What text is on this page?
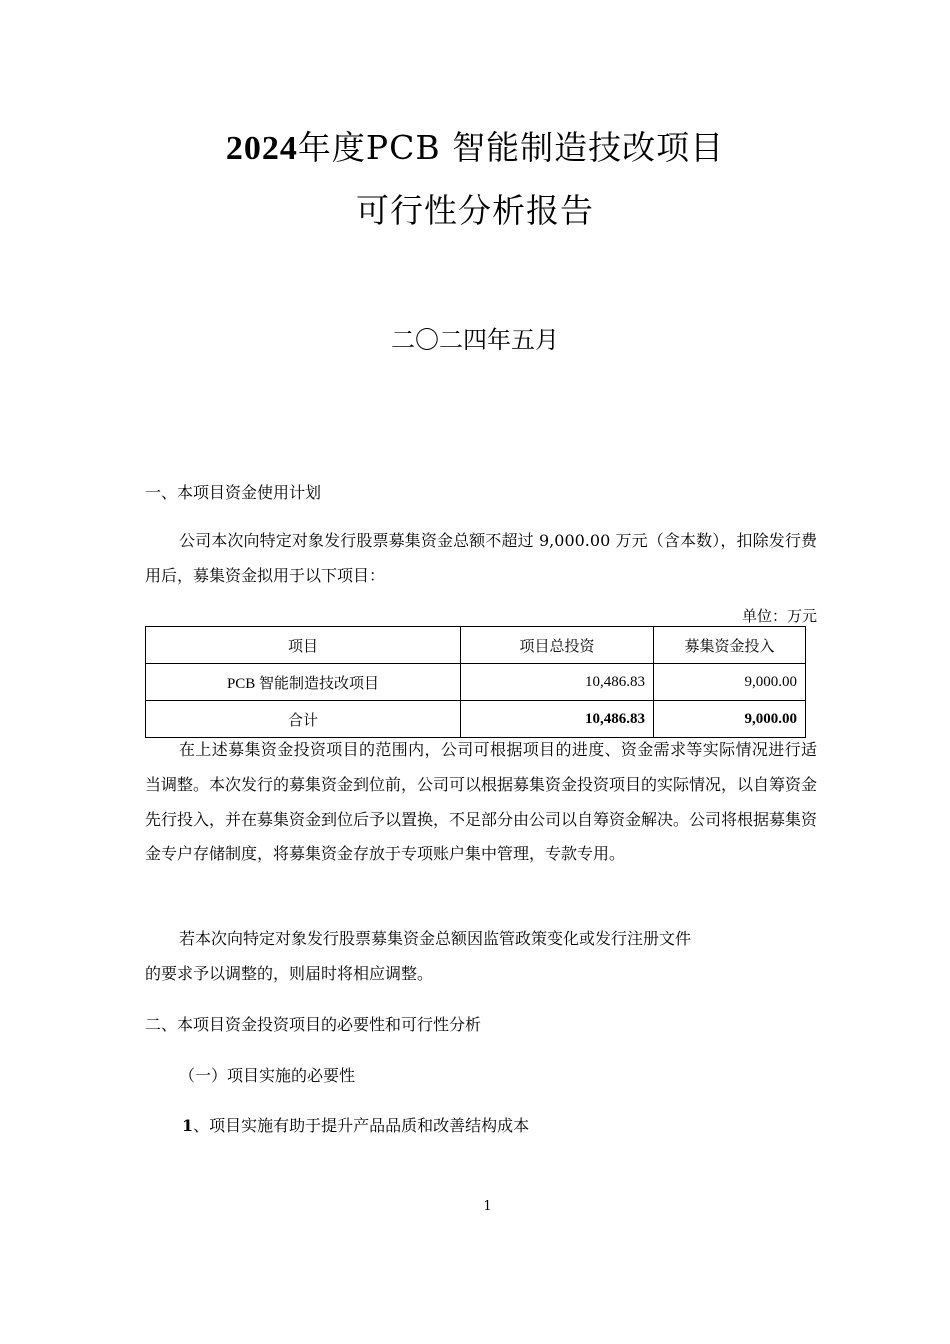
2024年度PCB 智能制造技改项目
可行性分析报告
二〇二四年五月
一、本项目资金使用计划
公司本次向特定对象发行股票募集资金总额不超过 9,000.00 万元（含本数），扣除发行费用后，募集资金拟用于以下项目：
单位：万元
项目	项目总投资	募集资金投入
PCB 智能制造技改项目	10,486.83	9,000.00
合计	10,486.83	9,000.00
在上述募集资金投资项目的范围内，公司可根据项目的进度、资金需求等实际情况进行适当调整。本次发行的募集资金到位前，公司可以根据募集资金投资项目的实际情况，以自筹资金先行投入，并在募集资金到位后予以置换，不足部分由公司以自筹资金解决。公司将根据募集资金专户存储制度，将募集资金存放于专项账户集中管理，专款专用。
若本次向特定对象发行股票募集资金总额因监管政策变化或发行注册文件
的要求予以调整的，则届时将相应调整。
二、本项目资金投资项目的必要性和可行性分析
（一）项目实施的必要性
1、项目实施有助于提升产品品质和改善结构成本
1
